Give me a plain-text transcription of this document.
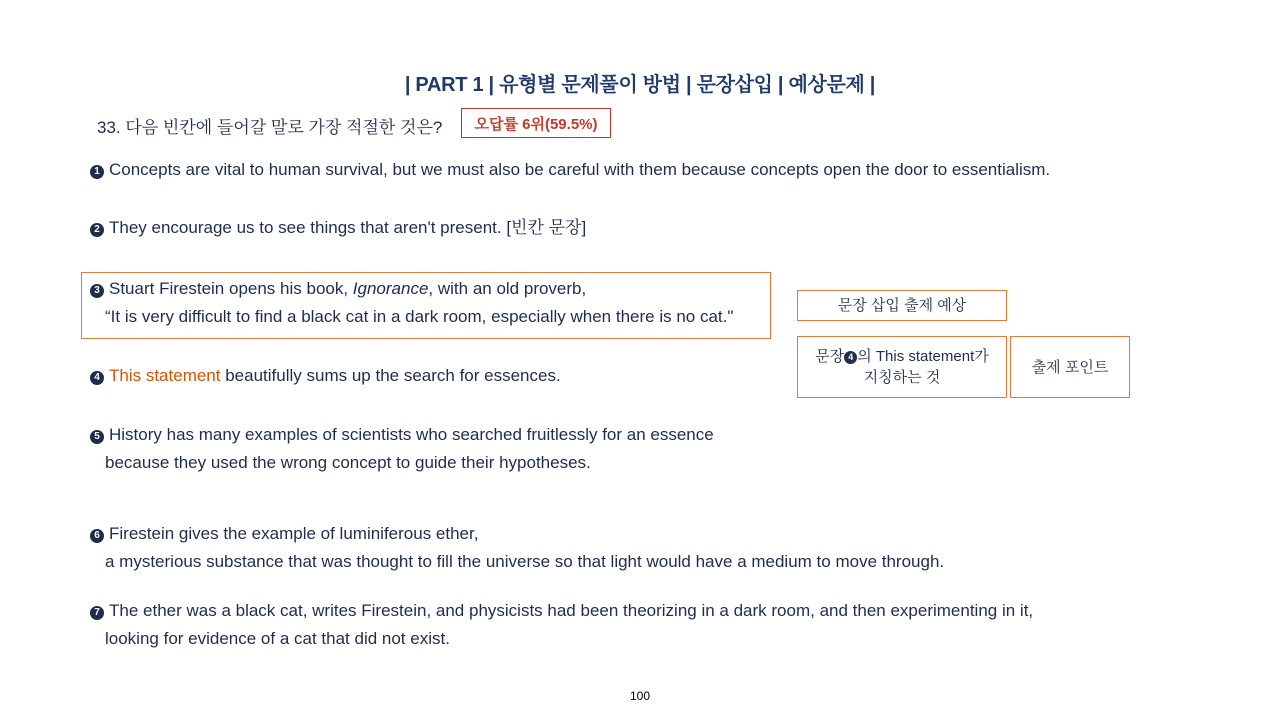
| PART 1 | 유형별 문제풀이 방법 | 문장삽입 | 예상문제 |
33. 다음 빈칸에 들어갈 말로 가장 적절한 것은?	오답률 6위(59.5%)
1 Concepts are vital to human survival, but we must also be careful with them because concepts open the door to essentialism.
2 They encourage us to see things that aren't present. [빈칸 문장]
3 Stuart Firestein opens his book, Ignorance, with an old proverb,
“It is very difficult to find a black cat in a dark room, especially when there is no cat."
4 This statement beautifully sums up the search for essences.
5 History has many examples of scientists who searched fruitlessly for an essence
because they used the wrong concept to guide their hypotheses.
6 Firestein gives the example of luminiferous ether,
a mysterious substance that was thought to fill the universe so that light would have a medium to move through.
7 The ether was a black cat, writes Firestein, and physicists had been theorizing in a dark room, and then experimenting in it,
looking for evidence of a cat that did not exist.
문장 삽입 출제 예상
문장 4 의 This statement가
지칭하는 것
출제 포인트
100
